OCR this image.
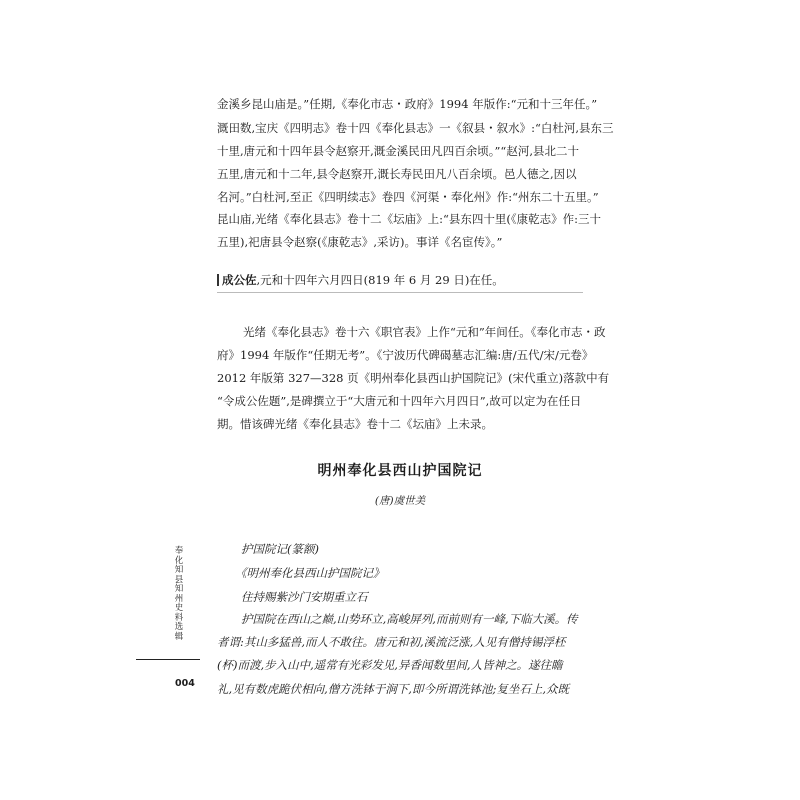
金溪乡昆山庙是。”任期,《奉化市志・政府》1994 年版作:“元和十三年任。”
溉田数,宝庆《四明志》卷十四《奉化县志》一《叙县・叙水》:“白杜河,县东三
十里,唐元和十四年县令赵察开,溉金溪民田凡四百余顷。”“赵河,县北二十
五里,唐元和十二年,县令赵察开,溉长寿民田凡八百余顷。邑人德之,因以
名河。”白杜河,至正《四明续志》卷四《河渠・奉化州》作:“州东二十五里。”
昆山庙,光绪《奉化县志》卷十二《坛庙》上:“县东四十里(《康乾志》作:三十
五里),祀唐县令赵察(《康乾志》,采访)。事详《名宦传》。”
成公佐,元和十四年六月四日(819 年 6 月 29 日)在任。
光绪《奉化县志》卷十六《职官表》上作“元和”年间任。《奉化市志・政
府》1994 年版作“任期无考”。《宁波历代碑碣墓志汇编:唐/五代/宋/元卷》
2012 年版第 327—328 页《明州奉化县西山护国院记》(宋代重立)落款中有
“令成公佐题”,是碑撰立于“大唐元和十四年六月四日”,故可以定为在任日
期。惜该碑光绪《奉化县志》卷十二《坛庙》上未录。
明州奉化县西山护国院记
(唐)虞世美
护国院记(篆额)
《明州奉化县西山护国院记》
住持赐紫沙门安期重立石
护国院在西山之巅,山势环立,高峻屏列,而前则有一峰,下临大溪。传
者谓:其山多猛兽,而人不敢往。唐元和初,溪流泛涨,人见有僧持锡浮柸
(杯)而渡,步入山中,遥常有光彩发见,异香闻数里间,人皆神之。遂往瞻
礼,见有数虎跪伏相向,僧方洗钵于涧下,即今所谓洗钵池;复坐石上,众既
奉化知县知州史料选辑
004
